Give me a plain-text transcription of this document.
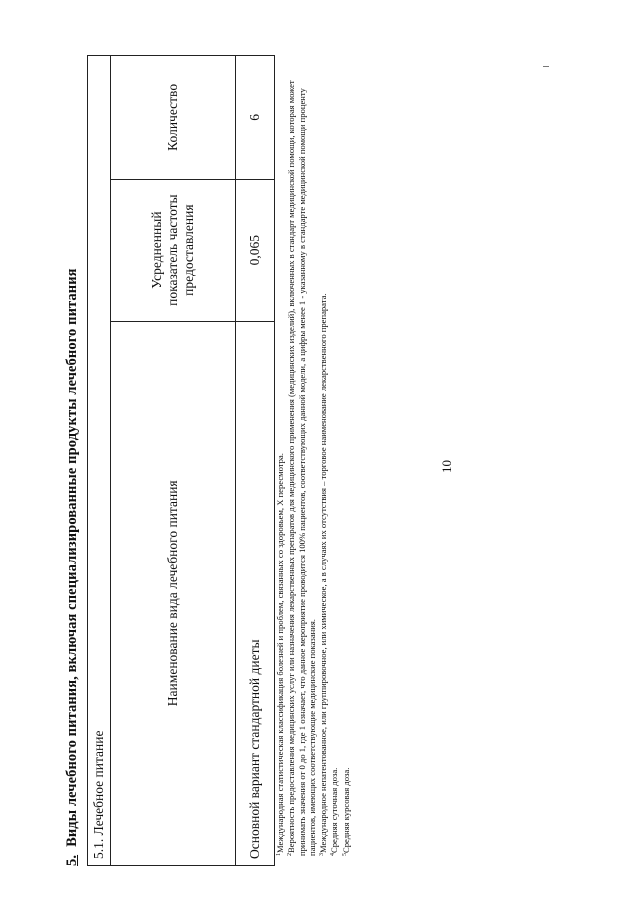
10
5.Виды лечебного питания, включая специализированные продукты лечебного питания 5.1. Лечебное питание		
Наименование вида лечебного питания	Усредненный показатель частоты предоставления	Количество
Основной вариант стандартной диеты	0,065	6

$^1$Международная статистическая классификация болезней и проблем, связанных со здоровьем, X пересмотра.

$^2$Вероятность предоставления медицинских услуг или назначения лекарственных препаратов для медицинского применения (медицинских изделий), включенных в стандарт медицинской помощи, которая может принимать значения от 0 до 1, где 1 означает, что данное мероприятие проводится 100% пациентов, соответствующих данной модели, а цифры менее 1 - указанному в стандарте медицинской помощи проценту пациентов, имеющих соответствующие медицинские показания. $^3$Международное непатентованное, или группировочное, или химическое, а в случаях их отсутствия – торговое наименование лекарственного препарата.

$^4$Средняя суточная доза.

$^5$Средняя курсовая доза.
